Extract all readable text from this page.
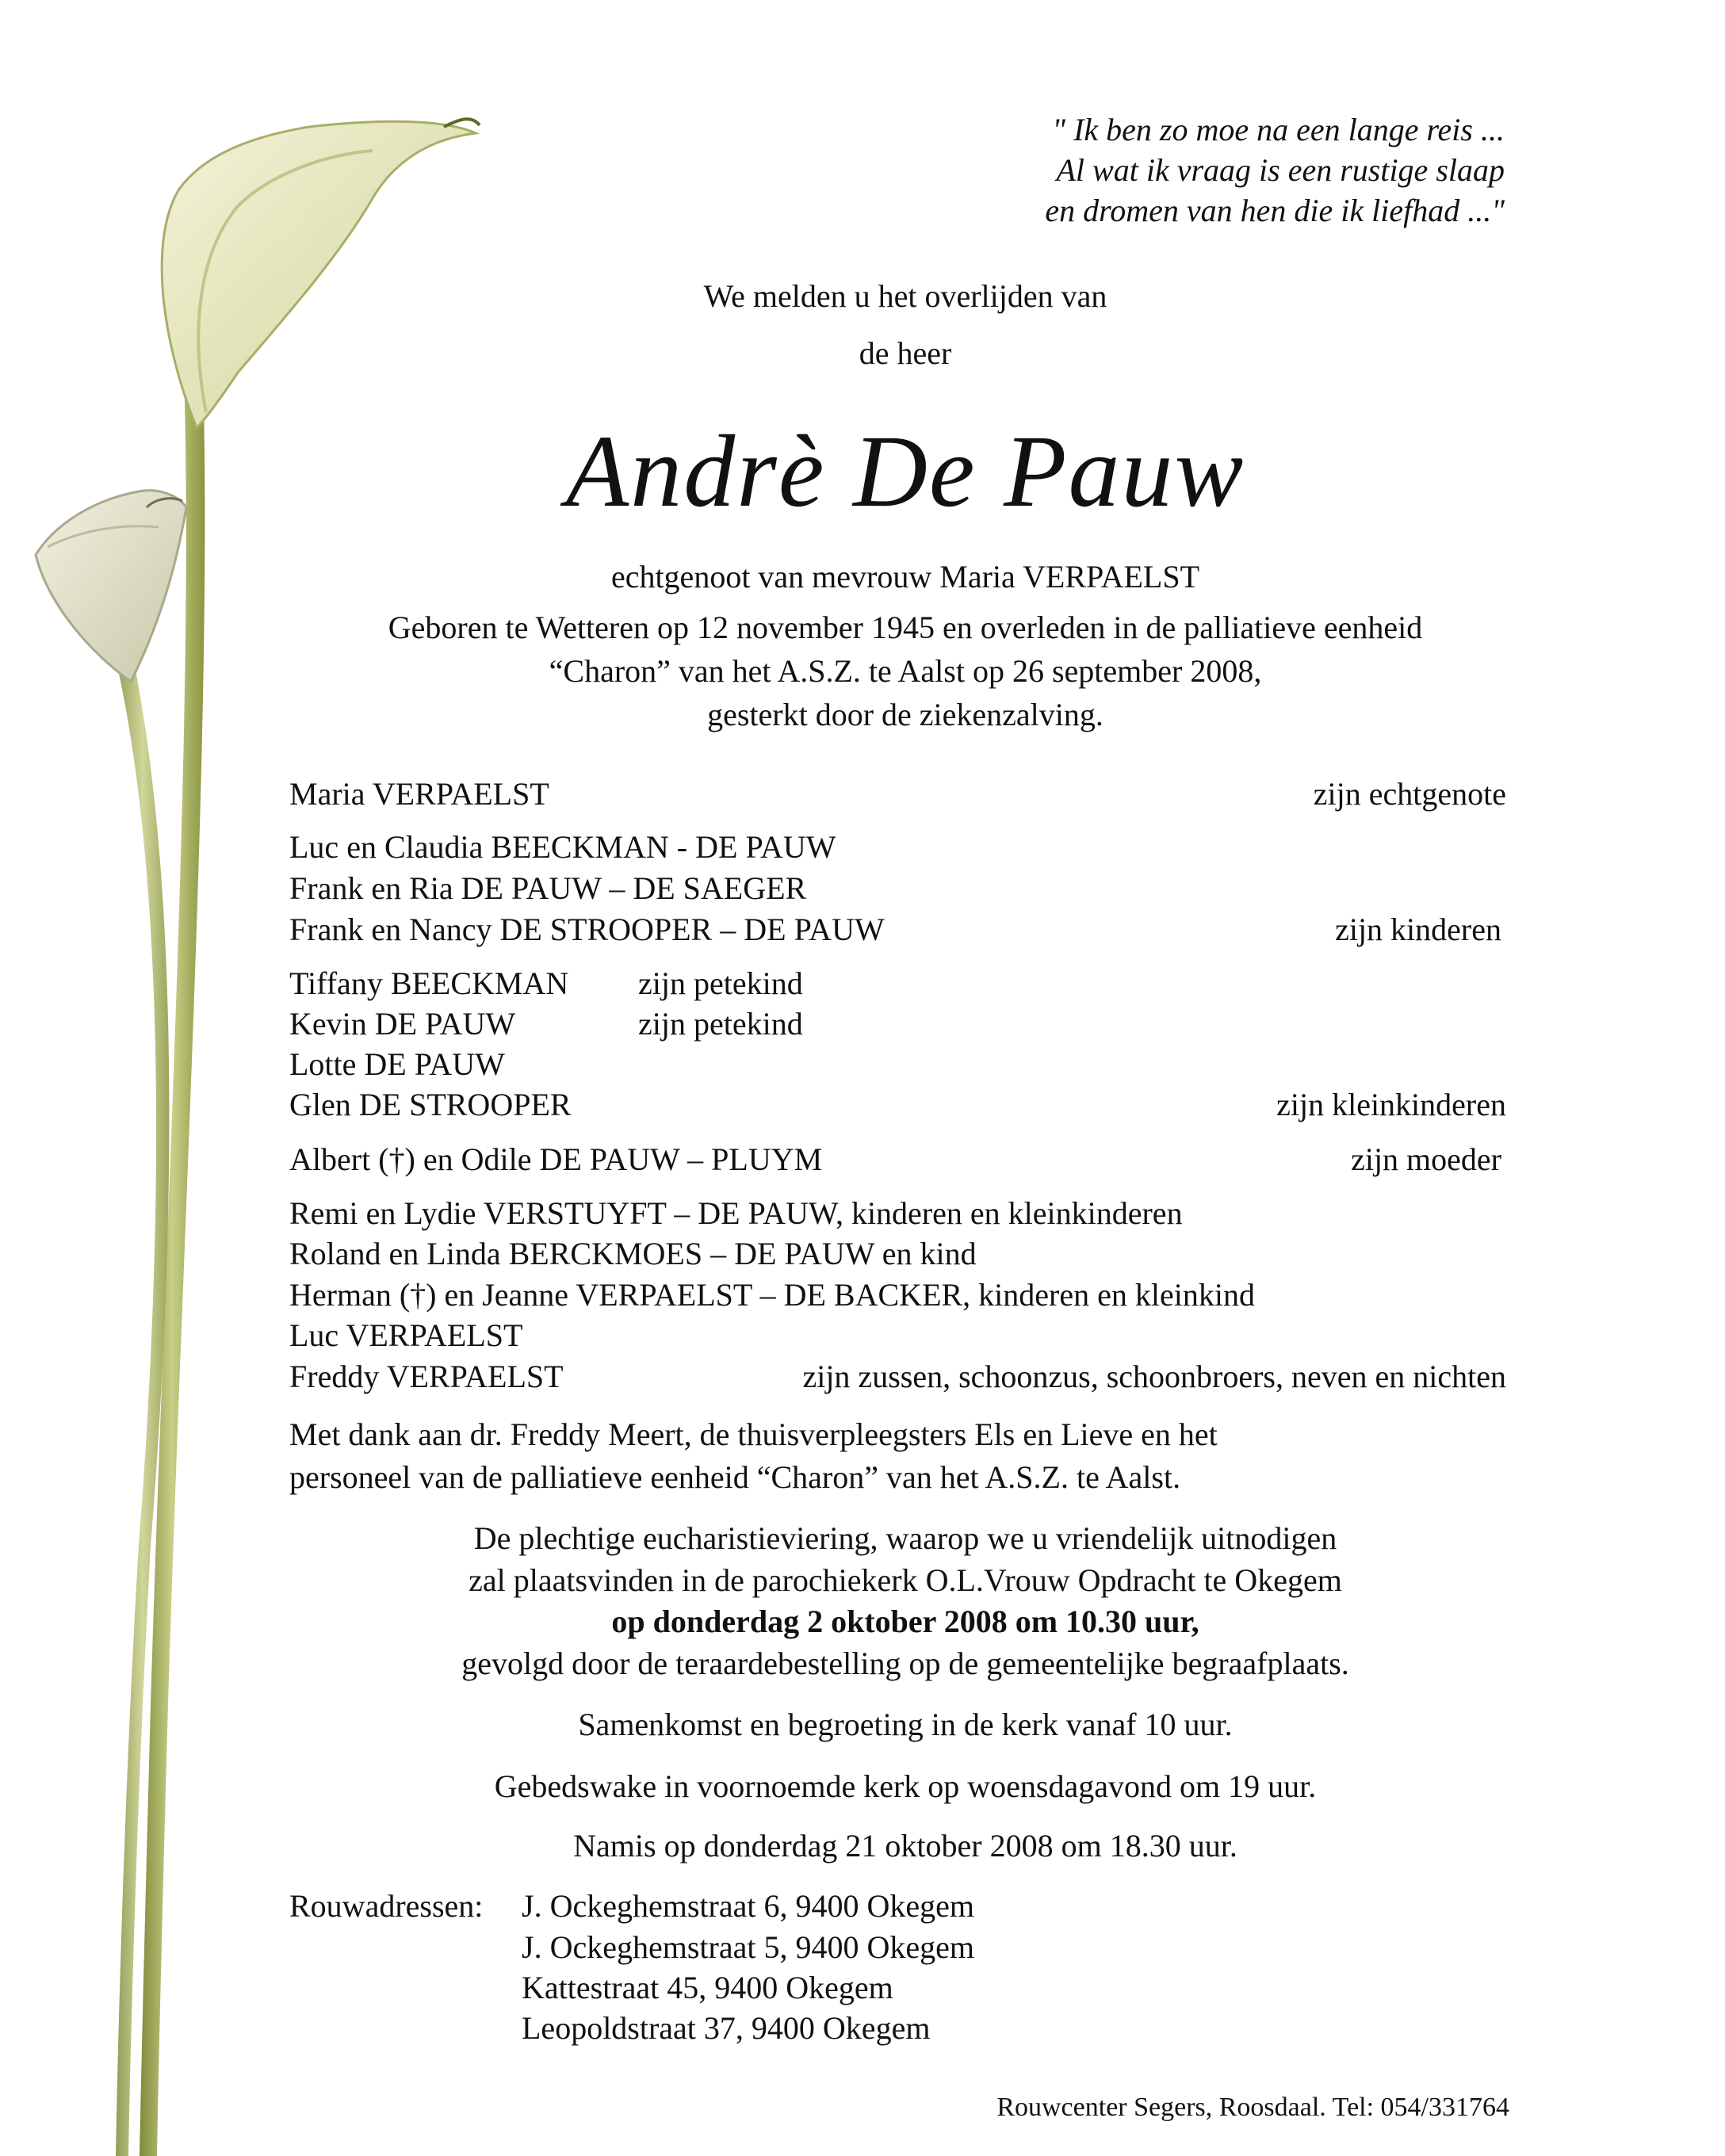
" Ik ben zo moe na een lange reis ...
Al wat ik vraag is een rustige slaap
en dromen van hen die ik liefhad ..."
We melden u het overlijden van
de heer
Andrè De Pauw
echtgenoot van mevrouw Maria VERPAELST
Geboren te Wetteren op 12 november 1945 en overleden in de palliatieve eenheid
“Charon” van het A.S.Z. te Aalst op 26 september 2008,
gesterkt door de ziekenzalving.
Maria VERPAELST	zijn echtgenote
Luc en Claudia BEECKMAN - DE PAUW
Frank en Ria DE PAUW – DE SAEGER
Frank en Nancy DE STROOPER – DE PAUW	zijn kinderen
Tiffany BEECKMAN zijn petekind
Kevin DE PAUW	zijn petekind
Lotte DE PAUW
Glen DE STROOPER	zijn kleinkinderen
Albert (†) en Odile DE PAUW – PLUYM	zijn moeder
Remi en Lydie VERSTUYFT – DE PAUW, kinderen en kleinkinderen
Roland en Linda BERCKMOES – DE PAUW en kind
Herman (†) en Jeanne VERPAELST – DE BACKER, kinderen en kleinkind
Luc VERPAELST
Freddy VERPAELST	zijn zussen, schoonzus, schoonbroers, neven en nichten
Met dank aan dr. Freddy Meert, de thuisverpleegsters Els en Lieve en het
personeel van de palliatieve eenheid “Charon” van het A.S.Z. te Aalst.
De plechtige eucharistieviering, waarop we u vriendelijk uitnodigen
zal plaatsvinden in de parochiekerk O.L.Vrouw Opdracht te Okegem
op donderdag 2 oktober 2008 om 10.30 uur,
gevolgd door de teraardebestelling op de gemeentelijke begraafplaats.
Samenkomst en begroeting in de kerk vanaf 10 uur.
Gebedswake in voornoemde kerk op woensdagavond om 19 uur.
Namis op donderdag 21 oktober 2008 om 18.30 uur.
Rouwadressen: J. Ockeghemstraat 6, 9400 Okegem
J. Ockeghemstraat 5, 9400 Okegem
Kattestraat 45, 9400 Okegem
Leopoldstraat 37, 9400 Okegem
Rouwcenter Segers, Roosdaal. Tel: 054/331764
